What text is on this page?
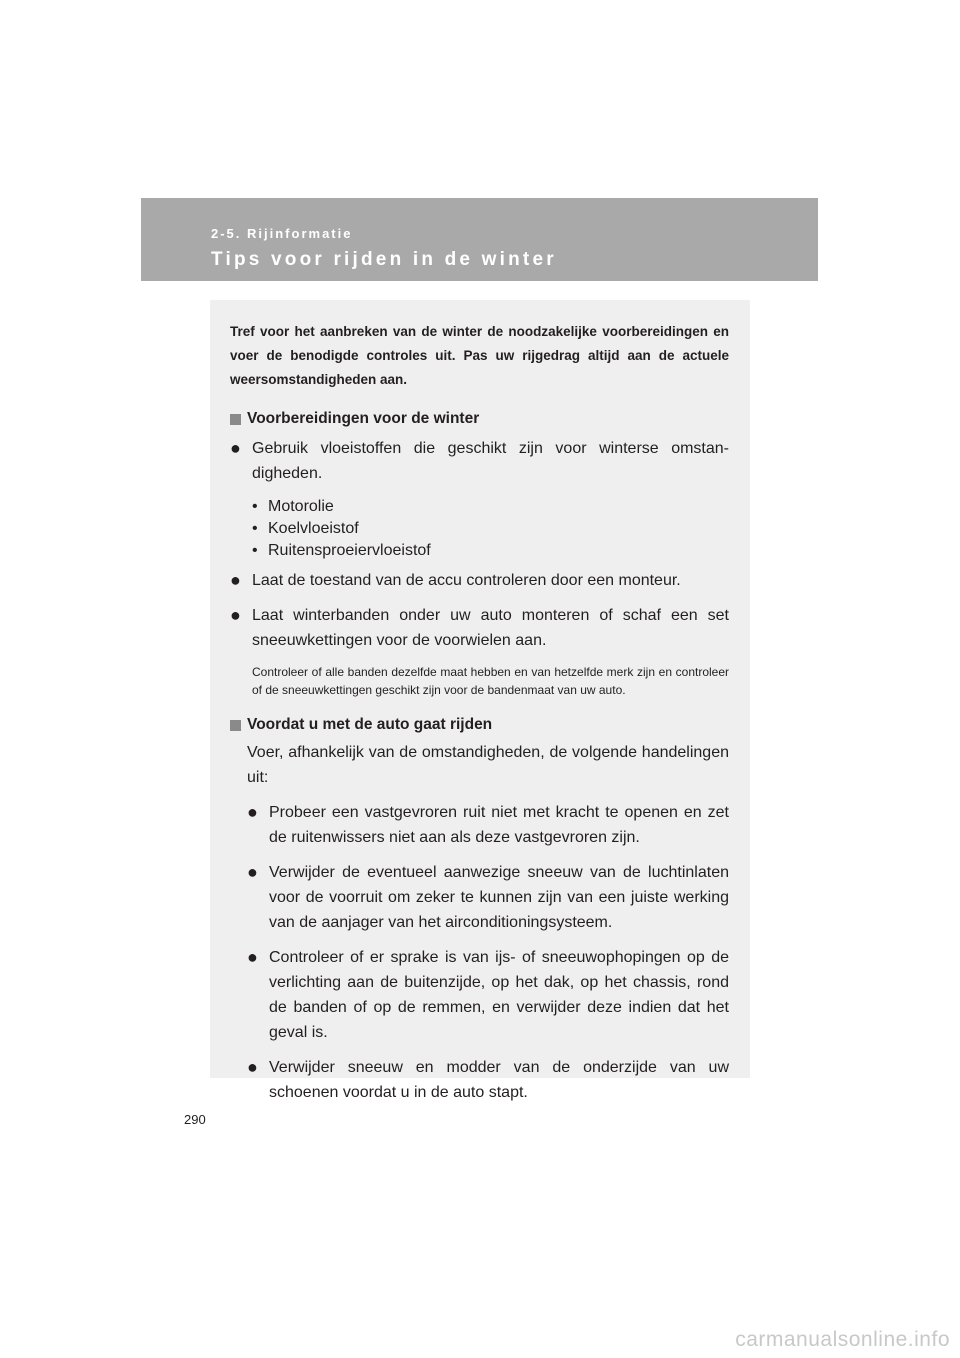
2-5. Rijinformatie
Tips voor rijden in de winter

Tref voor het aanbreken van de winter de noodzakelijke voorbereidingen en voer de benodigde controles uit. Pas uw rijgedrag altijd aan de actuele weersomstandigheden aan.

Voorbereidingen voor de winter
● Gebruik vloeistoffen die geschikt zijn voor winterse omstandigheden.
• Motorolie
• Koelvloeistof
• Ruitensproeiervloeistof
● Laat de toestand van de accu controleren door een monteur.
● Laat winterbanden onder uw auto monteren of schaf een set sneeuwkettingen voor de voorwielen aan.
Controleer of alle banden dezelfde maat hebben en van hetzelfde merk zijn en controleer of de sneeuwkettingen geschikt zijn voor de bandenmaat van uw auto.
Voordat u met de auto gaat rijden
Voer, afhankelijk van de omstandigheden, de volgende handelingen uit:
● Probeer een vastgevroren ruit niet met kracht te openen en zet de ruitenwissers niet aan als deze vastgevroren zijn.
● Verwijder de eventueel aanwezige sneeuw van de luchtinlaten voor de voorruit om zeker te kunnen zijn van een juiste werking van de aanjager van het airconditioningsysteem.
● Controleer of er sprake is van ijs- of sneeuwophopingen op de verlichting aan de buitenzijde, op het dak, op het chassis, rond de banden of op de remmen, en verwijder deze indien dat het geval is.
● Verwijder sneeuw en modder van de onderzijde van uw schoenen voordat u in de auto stapt.
290
carmanualsonline.info
